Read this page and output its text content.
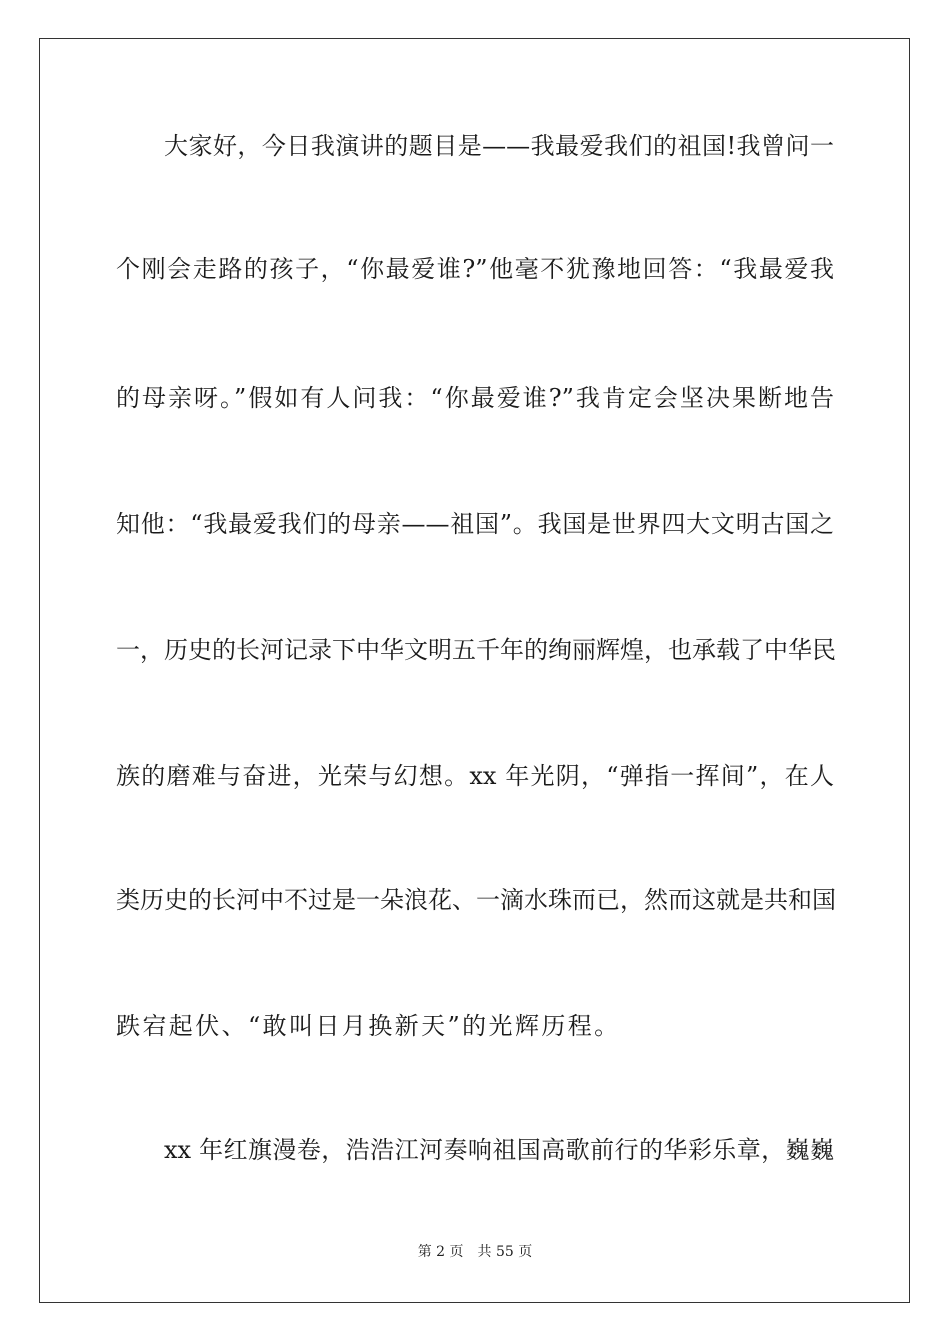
大家好，今日我演讲的题目是——我最爱我们的祖国!我曾问一
个刚会走路的孩子，“你最爱谁?”他毫不犹豫地回答：“我最爱我
的母亲呀。”假如有人问我：“你最爱谁?”我肯定会坚决果断地告
知他：“我最爱我们的母亲——祖国”。我国是世界四大文明古国之
一，历史的长河记录下中华文明五千年的绚丽辉煌，也承载了中华民
族的磨难与奋进，光荣与幻想。xx 年光阴，“弹指一挥间”，在人
类历史的长河中不过是一朵浪花、一滴水珠而已，然而这就是共和国
跌宕起伏、“敢叫日月换新天”的光辉历程。
xx 年红旗漫卷，浩浩江河奏响祖国高歌前行的华彩乐章，巍巍
第 2 页 共 55 页
